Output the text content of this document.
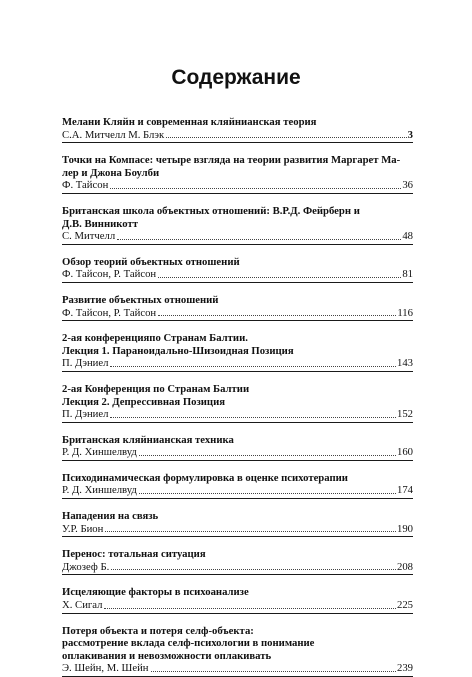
Содержание
Мелани Кляйн и современная кляйнианская теория
С.А. Митчелл М. Блэк	3
Точки на Компасе: четыре взгляда на теории развития Маргарет Ма-
лер и Джона Боулби
Ф. Тайсон	36
Британская школа объектных отношений: В.Р.Д. Фейрберн и
Д.В. Винникотт
С. Митчелл	48
Обзор теорий объектных отношений
Ф. Тайсон, Р. Тайсон	81
Развитие объектных отношений
Ф. Тайсон, Р. Тайсон	116
2-ая конференцияпо Странам Балтии.
Лекция 1. Параноидально-Шизоидная Позиция
П. Дэниел	143
2-ая Конференция по Странам Балтии
Лекция 2. Депрессивная Позиция
П. Дэниел	152
Британская кляйнианская техника
Р. Д. Хиншелвуд	160
Психодинамическая формулировка в оценке психотерапии
Р. Д. Хиншелвуд	174
Нападения на связь
У.Р. Бион	190
Перенос: тотальная ситуация
Джозеф Б.	208
Исцеляющие факторы в психоанализе
Х. Сигал	225
Потеря объекта и потеря селф-объекта:
рассмотрение вклада селф-психологии в понимание
оплакивания и невозможности оплакивать
Э. Шейн, М. Шейн	239
